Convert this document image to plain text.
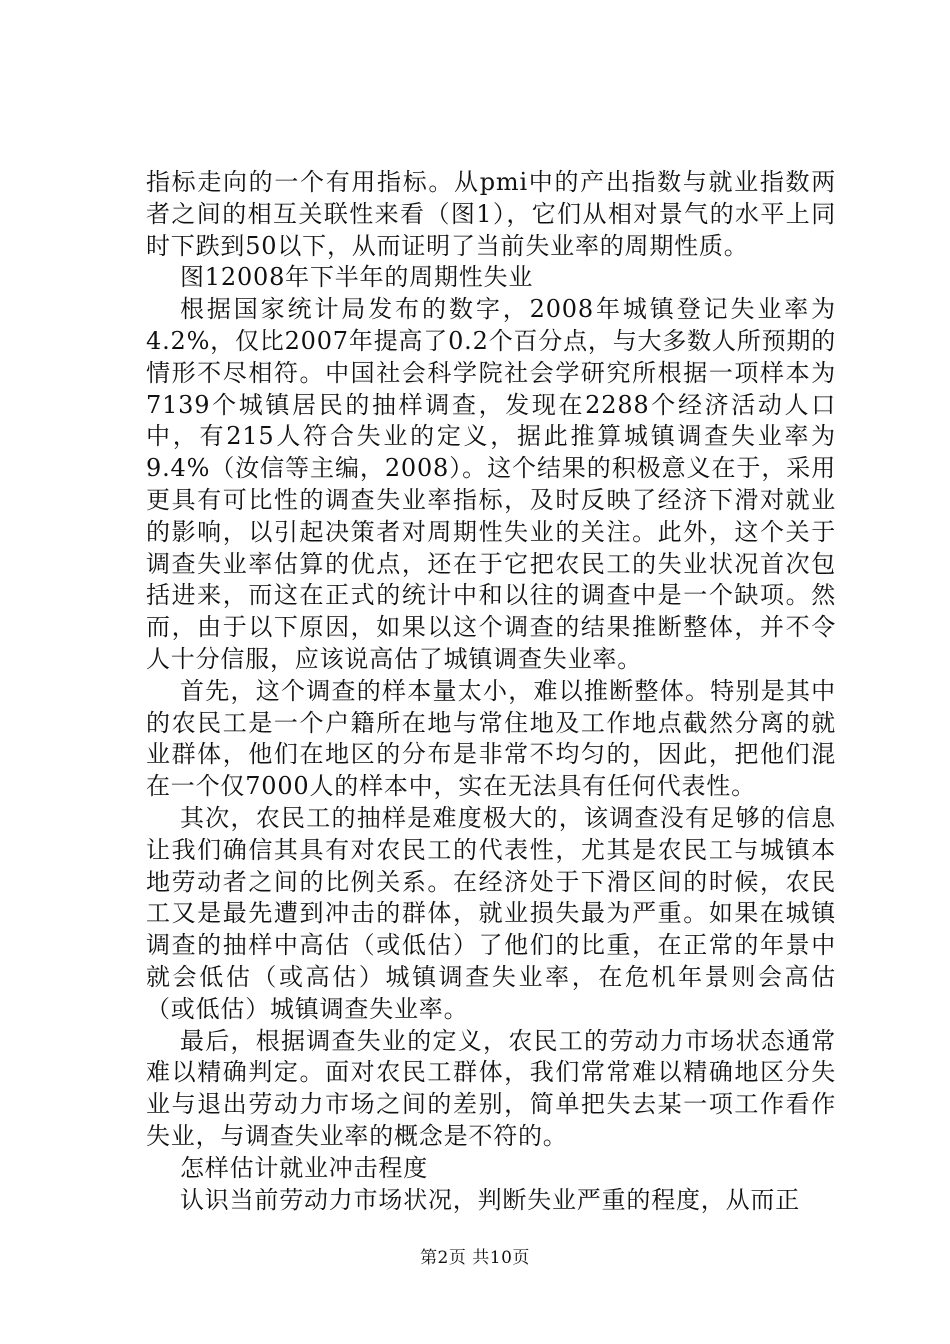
指标走向的一个有用指标。从pmi中的产出指数与就业指数两者之间的相互关联性来看（图1），它们从相对景气的水平上同时下跌到50以下，从而证明了当前失业率的周期性质。

图12008年下半年的周期性失业

根据国家统计局发布的数字，2008年城镇登记失业率为4.2%，仅比2007年提高了0.2个百分点，与大多数人所预期的情形不尽相符。中国社会科学院社会学研究所根据一项样本为7139个城镇居民的抽样调查，发现在2288个经济活动人口中，有215人符合失业的定义，据此推算城镇调查失业率为9.4%（汝信等主编，2008）。这个结果的积极意义在于，采用更具有可比性的调查失业率指标，及时反映了经济下滑对就业的影响，以引起决策者对周期性失业的关注。此外，这个关于调查失业率估算的优点，还在于它把农民工的失业状况首次包括进来，而这在正式的统计中和以往的调查中是一个缺项。然而，由于以下原因，如果以这个调查的结果推断整体，并不令人十分信服，应该说高估了城镇调查失业率。

首先，这个调查的样本量太小，难以推断整体。特别是其中的农民工是一个户籍所在地与常住地及工作地点截然分离的就业群体，他们在地区的分布是非常不均匀的，因此，把他们混在一个仅7000人的样本中，实在无法具有任何代表性。

其次，农民工的抽样是难度极大的，该调查没有足够的信息让我们确信其具有对农民工的代表性，尤其是农民工与城镇本地劳动者之间的比例关系。在经济处于下滑区间的时候，农民工又是最先遭到冲击的群体，就业损失最为严重。如果在城镇调查的抽样中高估（或低估）了他们的比重，在正常的年景中就会低估（或高估）城镇调查失业率，在危机年景则会高估（或低估）城镇调查失业率。

最后，根据调查失业的定义，农民工的劳动力市场状态通常难以精确判定。面对农民工群体，我们常常难以精确地区分失业与退出劳动力市场之间的差别，简单把失去某一项工作看作失业，与调查失业率的概念是不符的。

怎样估计就业冲击程度

认识当前劳动力市场状况，判断失业严重的程度，从而正

第2页 共10页
